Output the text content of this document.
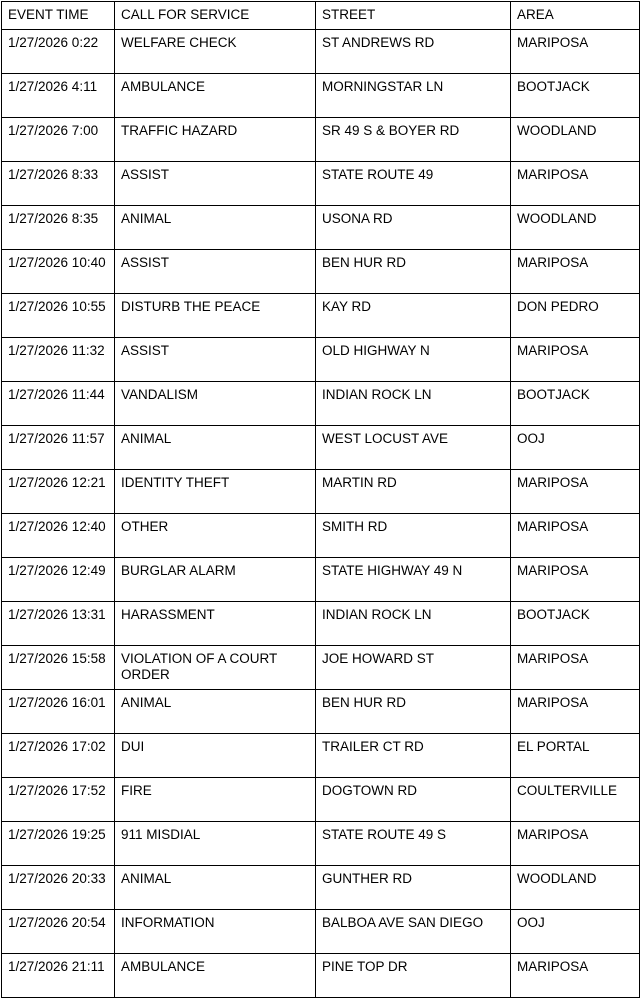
EVENT TIME	CALL FOR SERVICE	STREET	AREA
1/27/2026 0:22	WELFARE CHECK	ST ANDREWS RD	MARIPOSA
1/27/2026 4:11	AMBULANCE	MORNINGSTAR LN	BOOTJACK
1/27/2026 7:00	TRAFFIC HAZARD	SR 49 S & BOYER RD	WOODLAND
1/27/2026 8:33	ASSIST	STATE ROUTE 49	MARIPOSA
1/27/2026 8:35	ANIMAL	USONA RD	WOODLAND
1/27/2026 10:40	ASSIST	BEN HUR RD	MARIPOSA
1/27/2026 10:55	DISTURB THE PEACE	KAY RD	DON PEDRO
1/27/2026 11:32	ASSIST	OLD HIGHWAY N	MARIPOSA
1/27/2026 11:44	VANDALISM	INDIAN ROCK LN	BOOTJACK
1/27/2026 11:57	ANIMAL	WEST LOCUST AVE	OOJ
1/27/2026 12:21	IDENTITY THEFT	MARTIN RD	MARIPOSA
1/27/2026 12:40	OTHER	SMITH RD	MARIPOSA
1/27/2026 12:49	BURGLAR ALARM	STATE HIGHWAY 49 N	MARIPOSA
1/27/2026 13:31	HARASSMENT	INDIAN ROCK LN	BOOTJACK
1/27/2026 15:58	VIOLATION OF A COURT ORDER	JOE HOWARD ST	MARIPOSA
1/27/2026 16:01	ANIMAL	BEN HUR RD	MARIPOSA
1/27/2026 17:02	DUI	TRAILER CT RD	EL PORTAL
1/27/2026 17:52	FIRE	DOGTOWN RD	COULTERVILLE
1/27/2026 19:25	911 MISDIAL	STATE ROUTE 49 S	MARIPOSA
1/27/2026 20:33	ANIMAL	GUNTHER RD	WOODLAND
1/27/2026 20:54	INFORMATION	BALBOA AVE SAN DIEGO	OOJ
1/27/2026 21:11	AMBULANCE	PINE TOP DR	MARIPOSA
